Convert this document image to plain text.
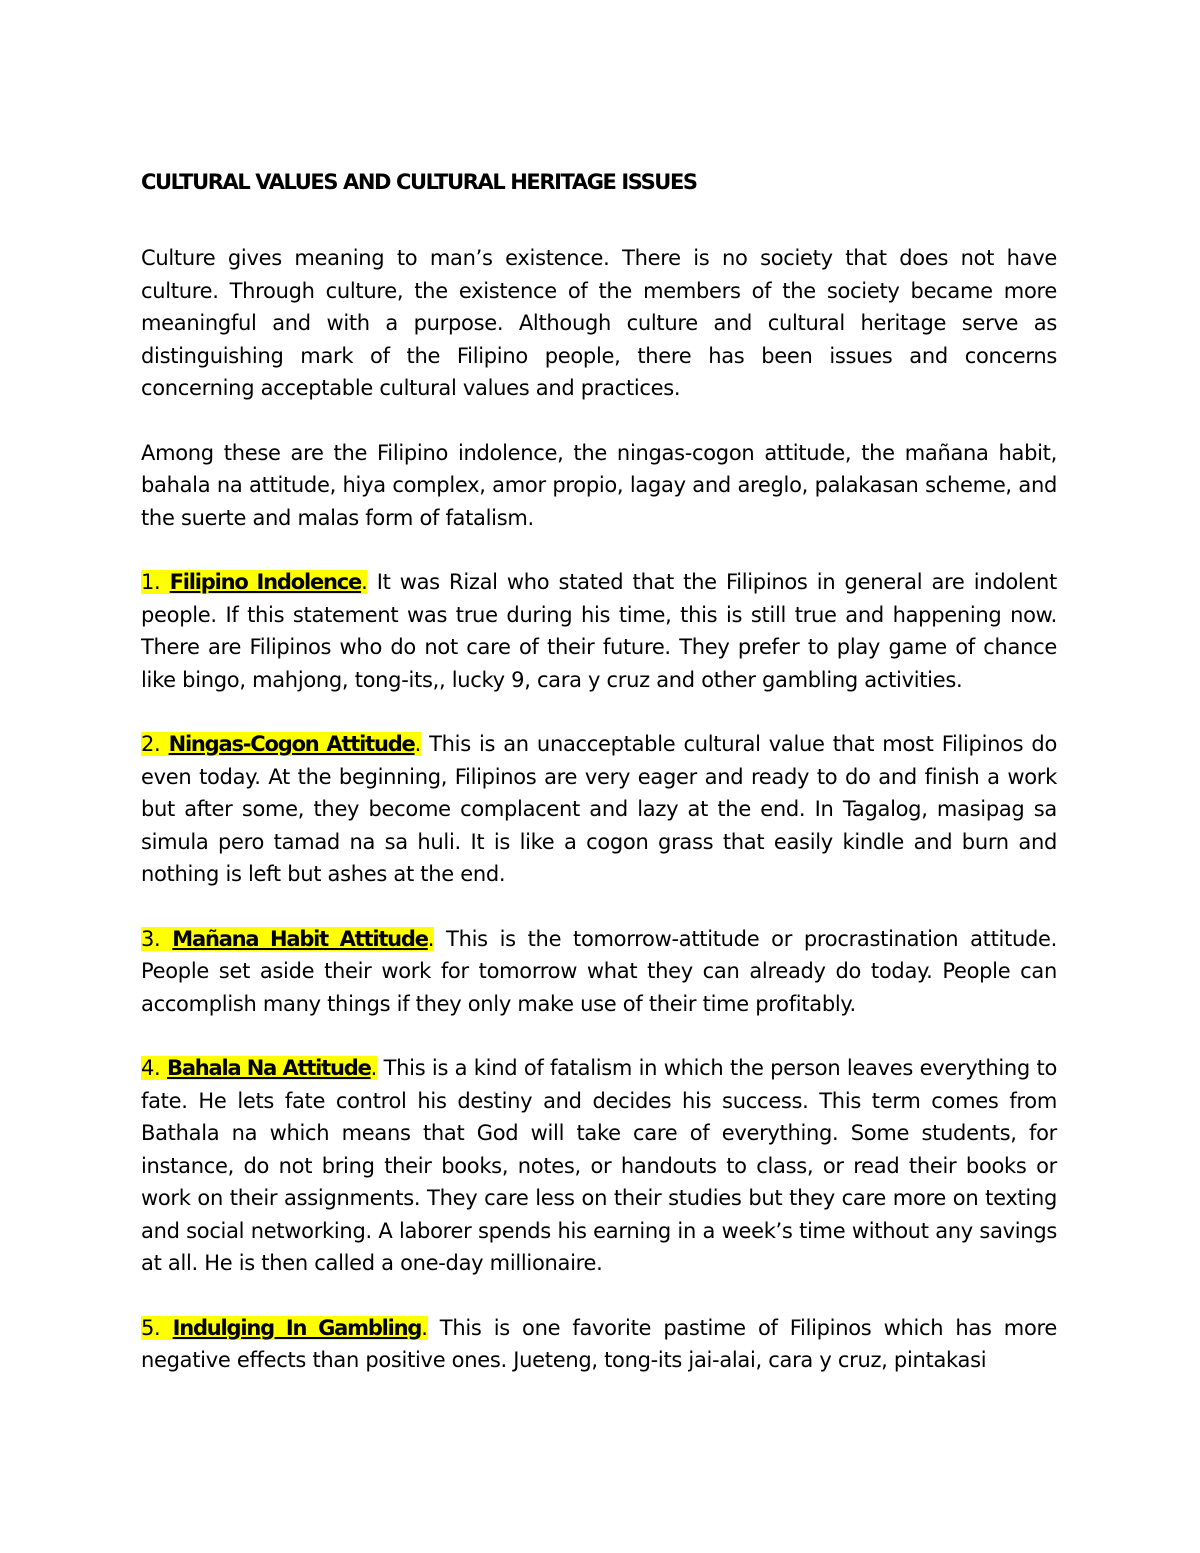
CULTURAL VALUES AND CULTURAL HERITAGE ISSUES

Culture gives meaning to man’s existence. There is no society that does not have culture. Through culture, the existence of the members of the society became more meaningful and with a purpose. Although culture and cultural heritage serve as distinguishing mark of the Filipino people, there has been issues and concerns concerning acceptable cultural values and practices.

Among these are the Filipino indolence, the ningas-cogon attitude, the mañana habit, bahala na attitude, hiya complex, amor propio, lagay and areglo, palakasan scheme, and the suerte and malas form of fatalism.

1. Filipino Indolence. It was Rizal who stated that the Filipinos in general are indolent people. If this statement was true during his time, this is still true and happening now. There are Filipinos who do not care of their future. They prefer to play game of chance like bingo, mahjong, tong-its,, lucky 9, cara y cruz and other gambling activities.

2. Ningas-Cogon Attitude. This is an unacceptable cultural value that most Filipinos do even today. At the beginning, Filipinos are very eager and ready to do and finish a work but after some, they become complacent and lazy at the end. In Tagalog, masipag sa simula pero tamad na sa huli. It is like a cogon grass that easily kindle and burn and nothing is left but ashes at the end.

3. Mañana Habit Attitude. This is the tomorrow-attitude or procrastination attitude. People set aside their work for tomorrow what they can already do today. People can accomplish many things if they only make use of their time profitably.

4. Bahala Na Attitude. This is a kind of fatalism in which the person leaves everything to fate. He lets fate control his destiny and decides his success. This term comes from Bathala na which means that God will take care of everything. Some students, for instance, do not bring their books, notes, or handouts to class, or read their books or work on their assignments. They care less on their studies but they care more on texting and social networking. A laborer spends his earning in a week’s time without any savings at all. He is then called a one-day millionaire.

5. Indulging In Gambling. This is one favorite pastime of Filipinos which has more negative effects than positive ones. Jueteng, tong-its jai-alai, cara y cruz, pintakasi
